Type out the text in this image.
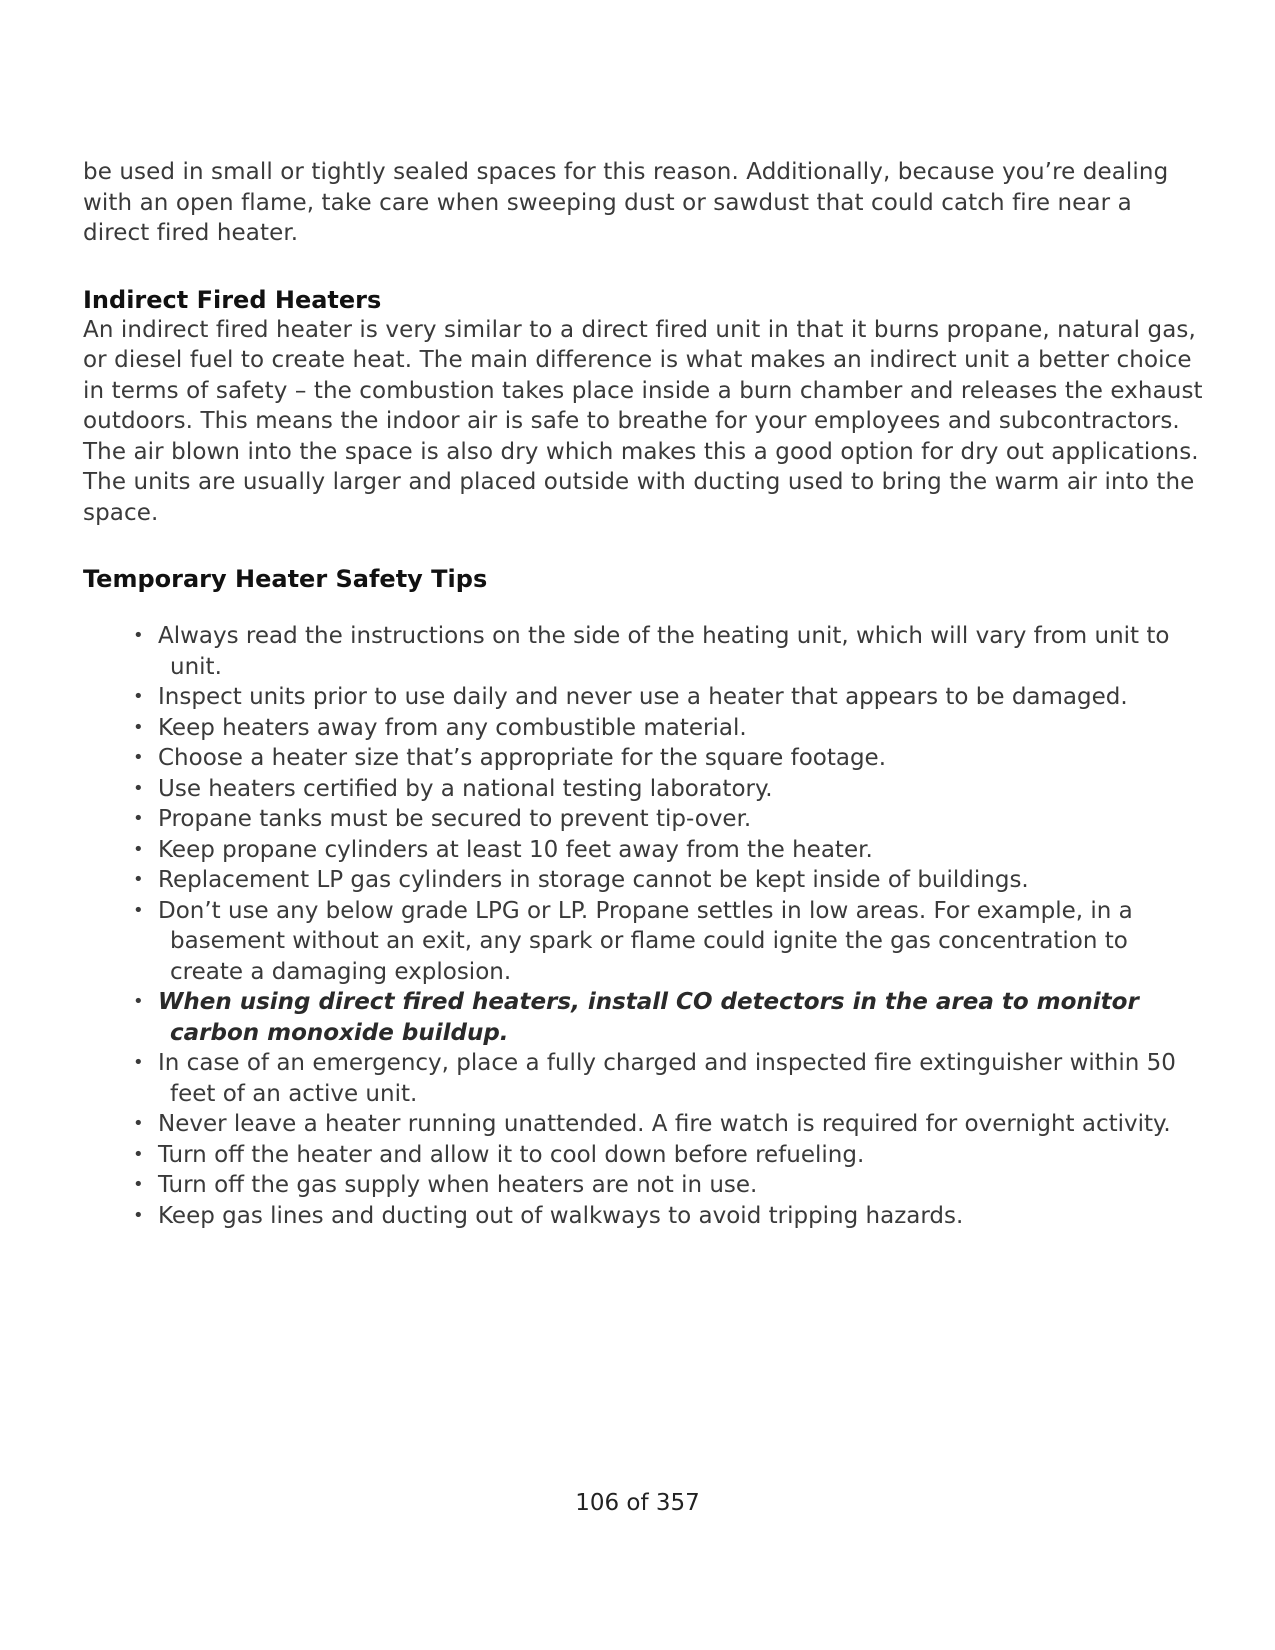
be used in small or tightly sealed spaces for this reason. Additionally, because you’re dealing with an open flame, take care when sweeping dust or sawdust that could catch fire near a direct fired heater.

Indirect Fired Heaters

An indirect fired heater is very similar to a direct fired unit in that it burns propane, natural gas, or diesel fuel to create heat. The main difference is what makes an indirect unit a better choice in terms of safety – the combustion takes place inside a burn chamber and releases the exhaust outdoors. This means the indoor air is safe to breathe for your employees and subcontractors. The air blown into the space is also dry which makes this a good option for dry out applications. The units are usually larger and placed outside with ducting used to bring the warm air into the space.

Temporary Heater Safety Tips
• Always read the instructions on the side of the heating unit, which will vary from unit to unit.
• Inspect units prior to use daily and never use a heater that appears to be damaged.
• Keep heaters away from any combustible material.
• Choose a heater size that’s appropriate for the square footage.
• Use heaters certified by a national testing laboratory.
• Propane tanks must be secured to prevent tip-over.
• Keep propane cylinders at least 10 feet away from the heater.
• Replacement LP gas cylinders in storage cannot be kept inside of buildings.
• Don’t use any below grade LPG or LP. Propane settles in low areas. For example, in a basement without an exit, any spark or flame could ignite the gas concentration to create a damaging explosion.
• When using direct fired heaters, install CO detectors in the area to monitor carbon monoxide buildup.
• In case of an emergency, place a fully charged and inspected fire extinguisher within 50 feet of an active unit.
• Never leave a heater running unattended. A fire watch is required for overnight activity.
• Turn off the heater and allow it to cool down before refueling.
• Turn off the gas supply when heaters are not in use.
• Keep gas lines and ducting out of walkways to avoid tripping hazards.
106 of 357
